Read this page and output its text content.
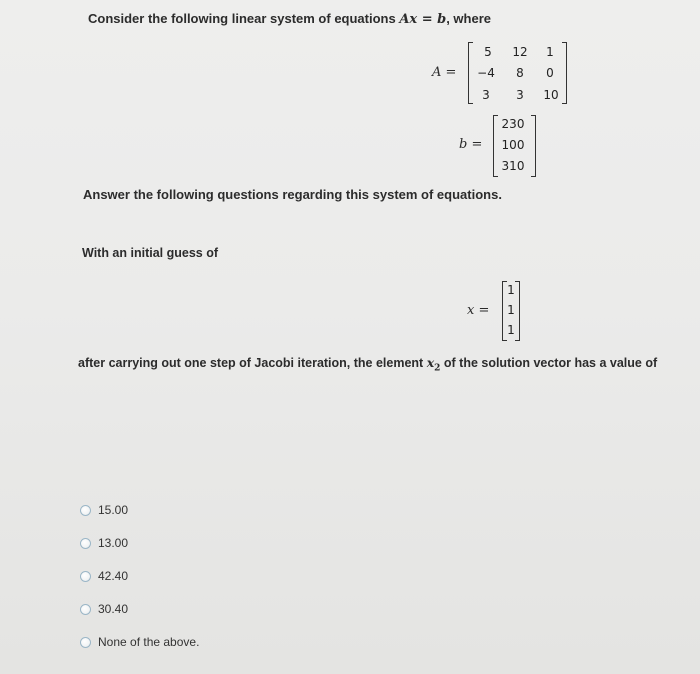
Consider the following linear system of equations Ax = b, where
A =
5	12	1
−4	8	0
3	3	10
b =
230
100
310
Answer the following questions regarding this system of equations.
With an initial guess of
x =
1
1
1
after carrying out one step of Jacobi iteration, the element $x_2$ of the solution vector has a value of
15.00
13.00
42.40
30.40
None of the above.
